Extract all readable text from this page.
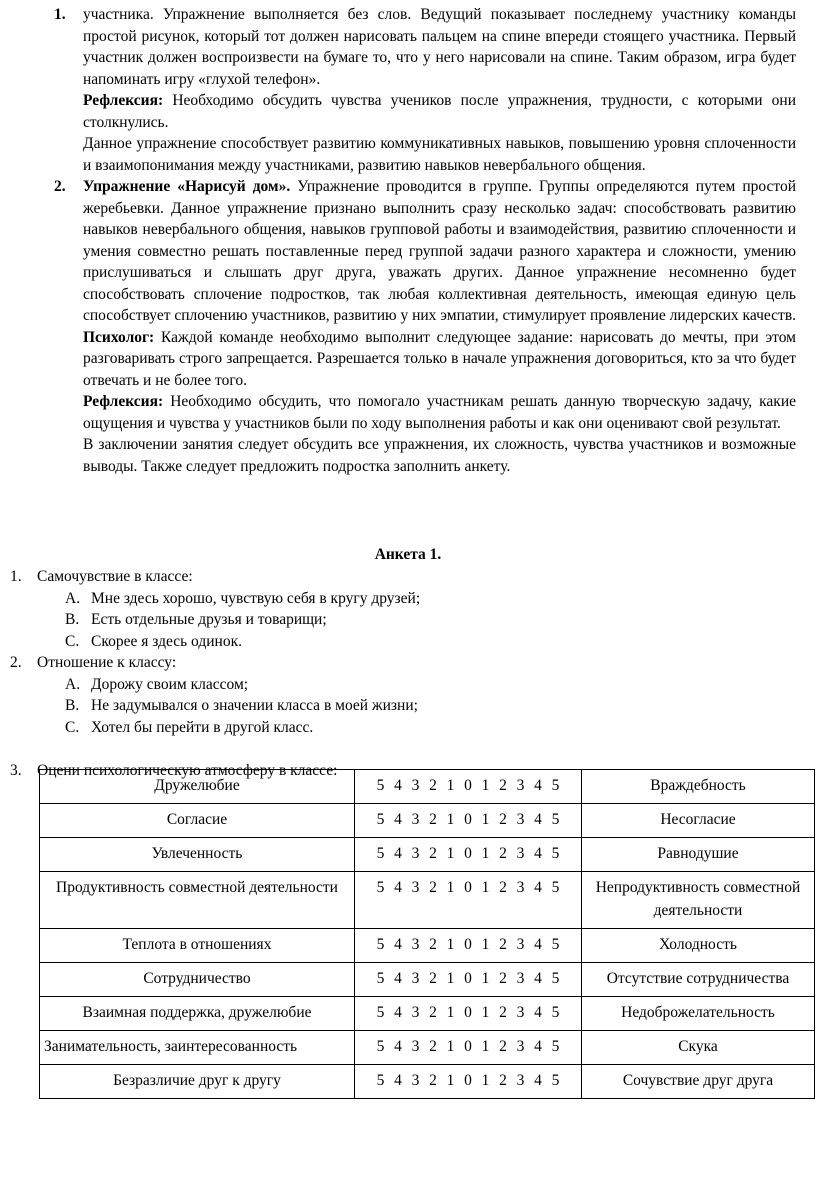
1. участника. Упражнение выполняется без слов. Ведущий показывает последнему участнику команды простой рисунок, который тот должен нарисовать пальцем на спине впереди стоящего участника. Первый участник должен воспроизвести на бумаге то, что у него нарисовали на спине. Таким образом, игра будет напоминать игру «глухой телефон».

Рефлексия: Необходимо обсудить чувства учеников после упражнения, трудности, с которыми они столкнулись.

Данное упражнение способствует развитию коммуникативных навыков, повышению уровня сплоченности и взаимопонимания между участниками, развитию навыков невербального общения.

2. Упражнение «Нарисуй дом». Упражнение проводится в группе. Группы определяются путем простой жеребьевки. Данное упражнение признано выполнить сразу несколько задач: способствовать развитию навыков невербального общения, навыков групповой работы и взаимодействия, развитию сплоченности и умения совместно решать поставленные перед группой задачи разного характера и сложности, умению прислушиваться и слышать друг друга, уважать других. Данное упражнение несомненно будет способствовать сплочение подростков, так любая коллективная деятельность, имеющая единую цель способствует сплочению участников, развитию у них эмпатии, стимулирует проявление лидерских качеств.

Психолог: Каждой команде необходимо выполнит следующее задание: нарисовать до мечты, при этом разговаривать строго запрещается. Разрешается только в начале упражнения договориться, кто за что будет отвечать и не более того.

Рефлексия: Необходимо обсудить, что помогало участникам решать данную творческую задачу, какие ощущения и чувства у участников были по ходу выполнения работы и как они оценивают свой результат.

В заключении занятия следует обсудить все упражнения, их сложность, чувства участников и возможные выводы. Также следует предложить подростка заполнить анкету.

Анкета 1.

1. Самочувствие в классе:

A. Мне здесь хорошо, чувствую себя в кругу друзей;
B. Есть отдельные друзья и товарищи;
C. Скорее я здесь одинок.
2. Отношение к классу:

A. Дорожу своим классом;
B. Не задумывался о значении класса в моей жизни;
C. Хотел бы перейти в другой класс.
3. Оцени психологическую атмосферу в классе:

Дружелюбие	5 4 3 2 1 0 1 2 3 4 5	Враждебность
Согласие	5 4 3 2 1 0 1 2 3 4 5	Несогласие
Увлеченность	5 4 3 2 1 0 1 2 3 4 5	Равнодушие
Продуктивность совместной деятельности	5 4 3 2 1 0 1 2 3 4 5	Непродуктивность совместной деятельности
Теплота в отношениях	5 4 3 2 1 0 1 2 3 4 5	Холодность
Сотрудничество	5 4 3 2 1 0 1 2 3 4 5	Отсутствие сотрудничества
Взаимная поддержка, дружелюбие	5 4 3 2 1 0 1 2 3 4 5	Недоброжелательность
Занимательность, заинтересованность	5 4 3 2 1 0 1 2 3 4 5	Скука
Безразличие друг к другу	5 4 3 2 1 0 1 2 3 4 5	Сочувствие друг друга
